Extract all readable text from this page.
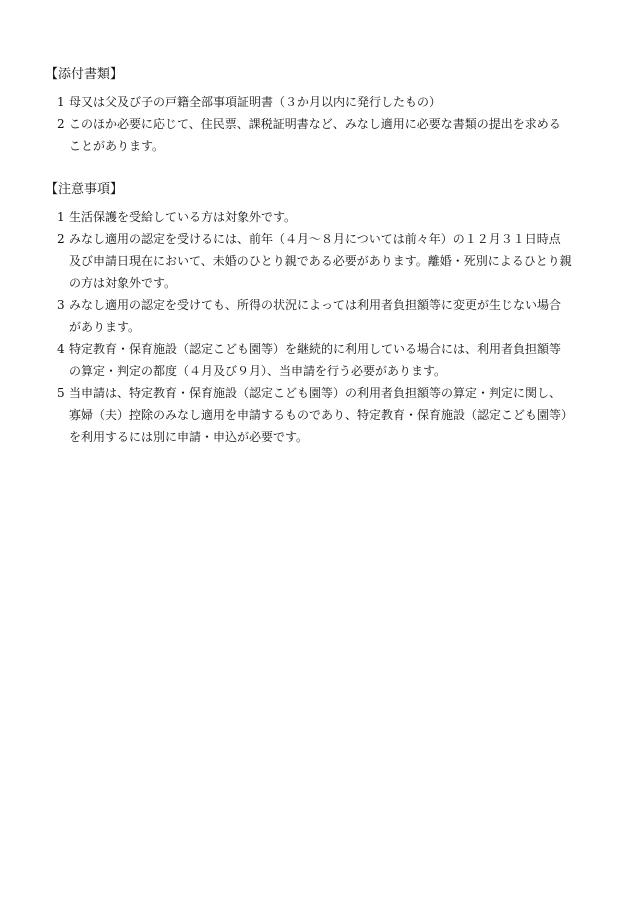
【添付書類】
1 母又は父及び子の戸籍全部事項証明書（３か月以内に発行したもの）
2 このほか必要に応じて、住民票、課税証明書など、みなし適用に必要な書類の提出を求める
ことがあります。
【注意事項】
1 生活保護を受給している方は対象外です。
2 みなし適用の認定を受けるには、前年（４月～８月については前々年）の１２月３１日時点
及び申請日現在において、未婚のひとり親である必要があります。離婚・死別によるひとり親
の方は対象外です。
3 みなし適用の認定を受けても、所得の状況によっては利用者負担額等に変更が生じない場合
があります。
4 特定教育・保育施設（認定こども園等）を継続的に利用している場合には、利用者負担額等
の算定・判定の都度（４月及び９月）、当申請を行う必要があります。
5 当申請は、特定教育・保育施設（認定こども園等）の利用者負担額等の算定・判定に関し、
寡婦（夫）控除のみなし適用を申請するものであり、特定教育・保育施設（認定こども園等）
を利用するには別に申請・申込が必要です。
